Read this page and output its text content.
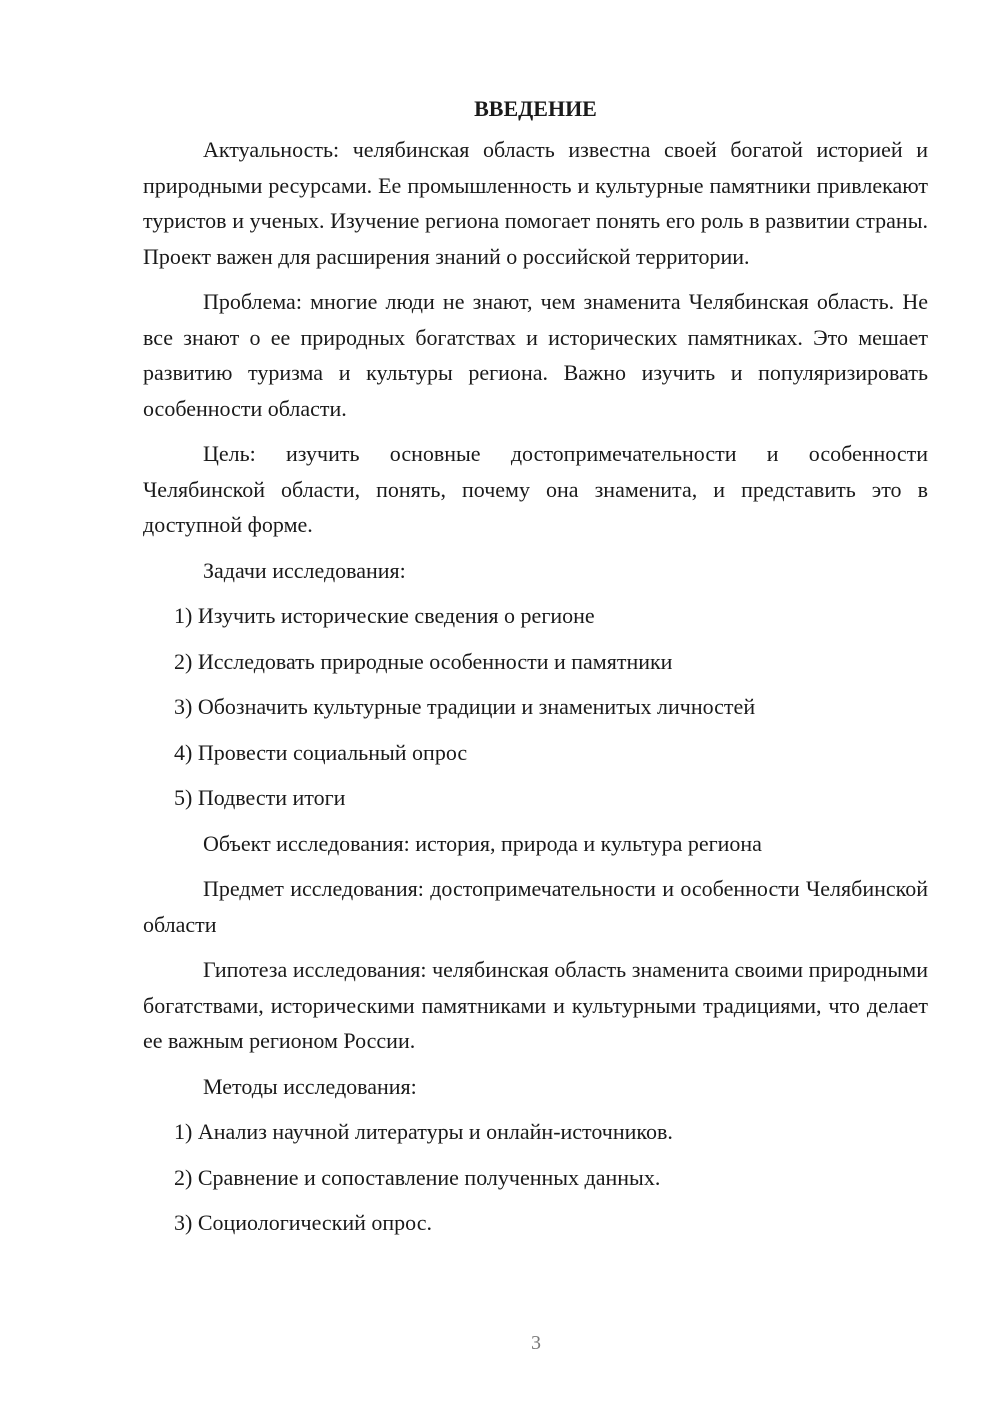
ВВЕДЕНИЕ

Актуальность: челябинская область известна своей богатой историей и природными ресурсами. Ее промышленность и культурные памятники привлекают туристов и ученых. Изучение региона помогает понять его роль в развитии страны. Проект важен для расширения знаний о российской территории.

Проблема: многие люди не знают, чем знаменита Челябинская область. Не все знают о ее природных богатствах и исторических памятниках. Это мешает развитию туризма и культуры региона. Важно изучить и популяризировать особенности области.

Цель: изучить основные достопримечательности и особенности Челябинской области, понять, почему она знаменита, и представить это в доступной форме.

Задачи исследования:

1) Изучить исторические сведения о регионе
2) Исследовать природные особенности и памятники
3) Обозначить культурные традиции и знаменитых личностей
4) Провести социальный опрос
5) Подвести итоги

Объект исследования: история, природа и культура региона

Предмет исследования: достопримечательности и особенности Челябинской области

Гипотеза исследования: челябинская область знаменита своими природными богатствами, историческими памятниками и культурными традициями, что делает ее важным регионом России.

Методы исследования:

1) Анализ научной литературы и онлайн-источников.
2) Сравнение и сопоставление полученных данных.
3) Социологический опрос.
3
